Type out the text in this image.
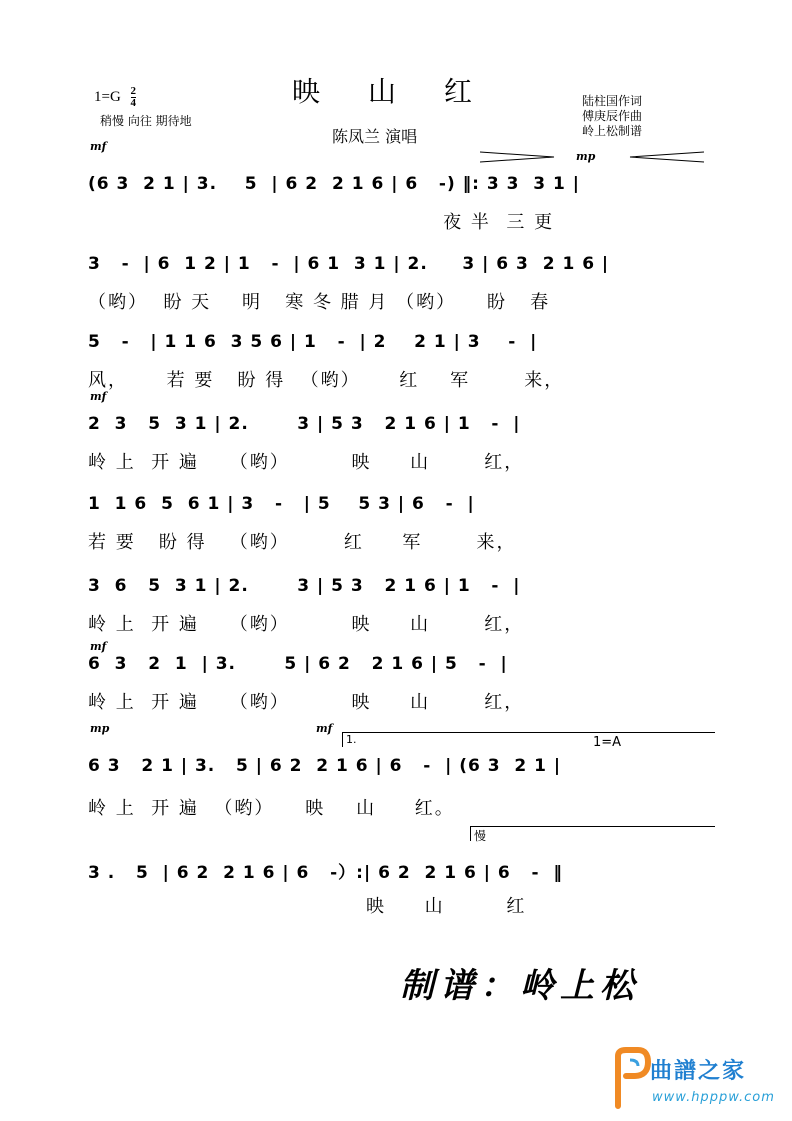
$1=G \frac{2}{4}$
稍慢 向往 期待地
映山红
陈凤兰 演唱
陆柱国作词
傅庚辰作曲
岭上松制谱
mf
mp
mf
mf
mp	mf
1.	1=A
慢
(6 3  2 1 | 3.    5  | 6 2  2 1 6 | 6   -) ‖: 3 3  3 1 |
夜 半  三 更
3   -  | 6  1 2 | 1   -  | 6 1  3 1 | 2.     3 | 6 3  2 1 6 |
（哟）  盼 天    明   寒 冬 腊 月 （哟）    盼   春
5   -   | 1 1 6  3 5 6 | 1   -  | 2    2 1 | 3    -  |
风，     若 要   盼 得  （哟）     红    军       来，
2  3   5  3 1 | 2.       3 | 5 3   2 1 6 | 1   -  |
岭 上  开 遍    （哟）        映     山       红，
1  1 6  5  6 1 | 3   -   | 5    5 3 | 6   -  |
若 要   盼 得   （哟）       红     军       来，
3  6   5  3 1 | 2.       3 | 5 3   2 1 6 | 1   -  |
岭 上  开 遍    （哟）        映     山       红，
6  3   2  1  | 3.       5 | 6 2   2 1 6 | 5   -  |
岭 上  开 遍    （哟）        映     山       红，
6 3   2 1 | 3.   5 | 6 2  2 1 6 | 6   -  | (6 3  2 1 |
岭 上  开 遍  （哟）    映    山     红。
3 .   5  | 6 2  2 1 6 | 6   -）:| 6 2  2 1 6 | 6   -  ‖
映     山        红
制谱：岭上松
曲譜之家
www.hpppw.com
